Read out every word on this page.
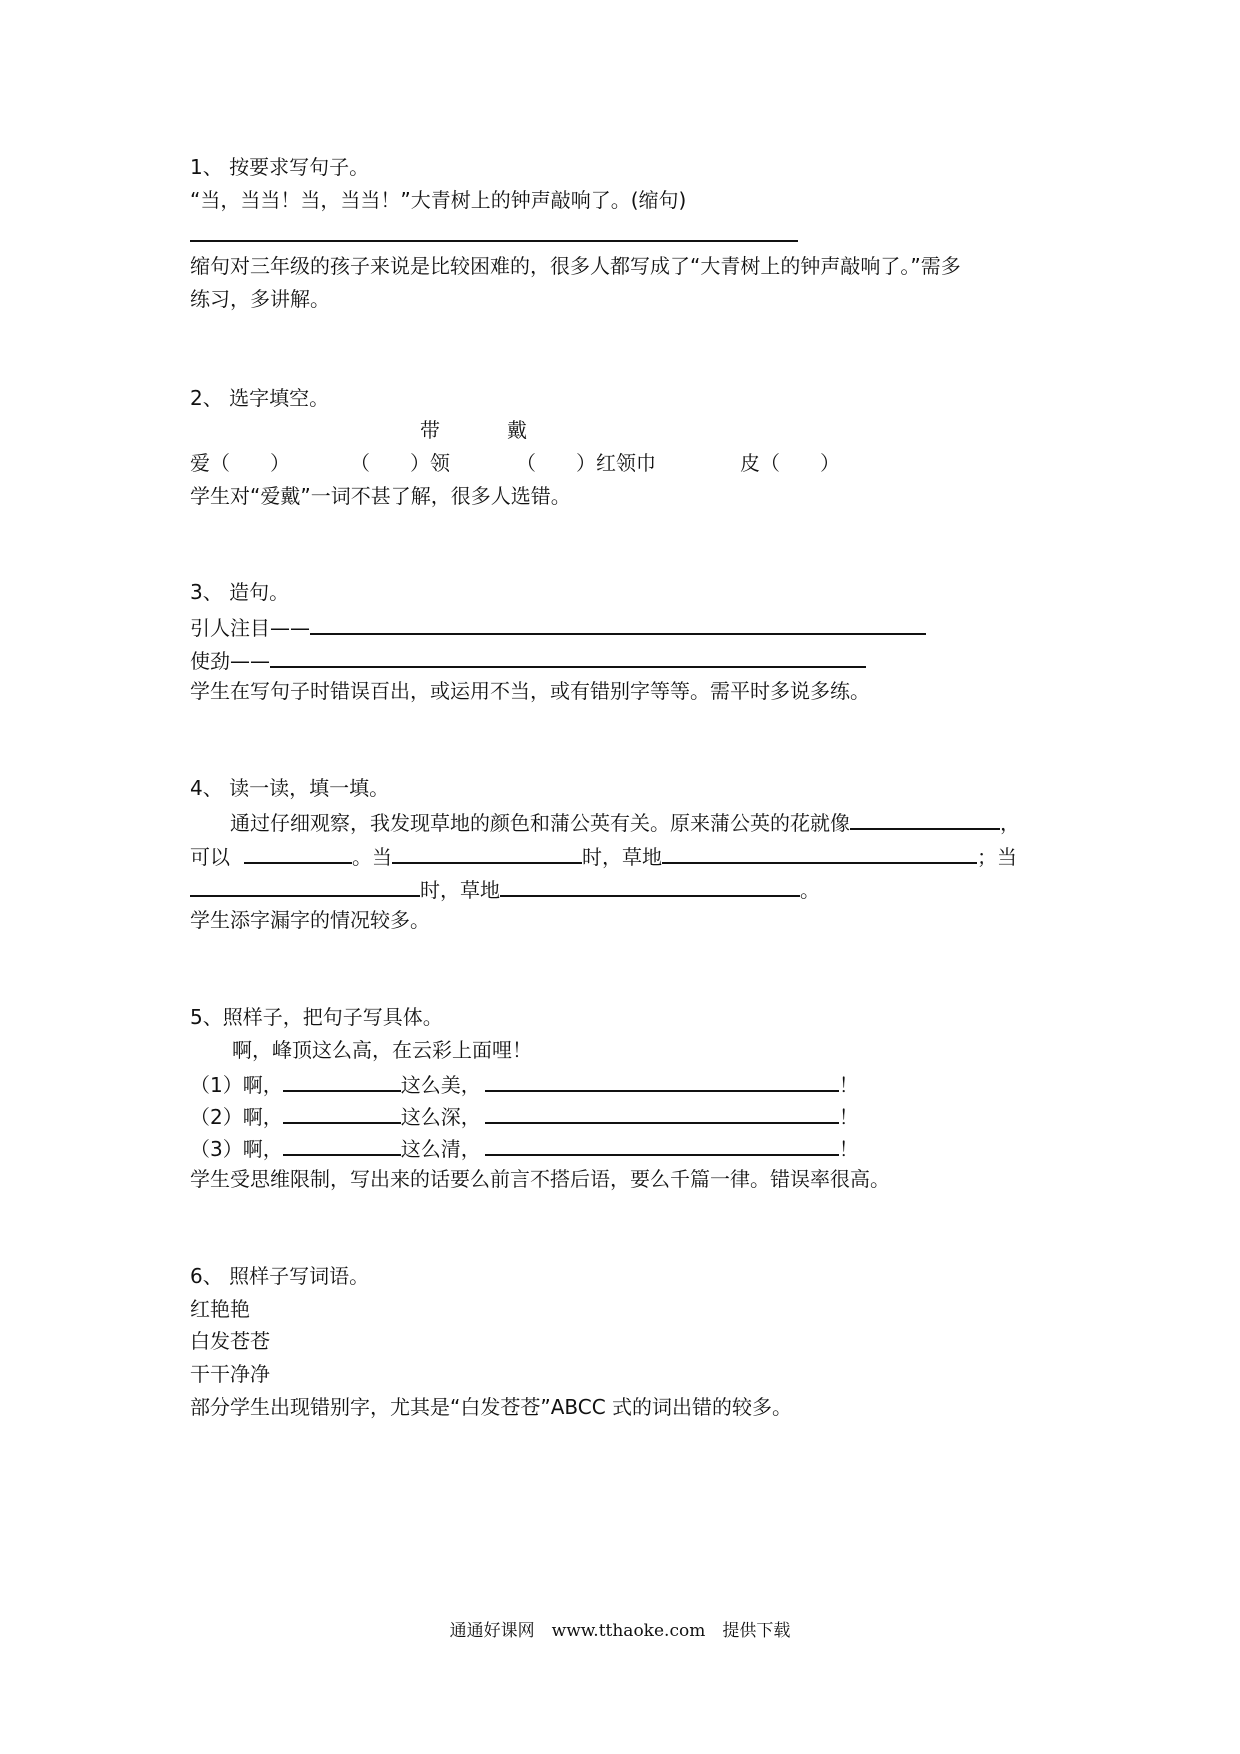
1、 按要求写句子。
“当，当当！当，当当！”大青树上的钟声敲响了。(缩句)
缩句对三年级的孩子来说是比较困难的，很多人都写成了“大青树上的钟声敲响了。”需多
练习，多讲解。
2、 选字填空。
带	戴
爱（　　）	（　　）领	（　　）红领巾	皮（　　）
学生对“爱戴”一词不甚了解，很多人选错。
3、 造句。
引人注目——
使劲——
学生在写句子时错误百出，或运用不当，或有错别字等等。需平时多说多练。
4、 读一读，填一填。
通过仔细观察，我发现草地的颜色和蒲公英有关。原来蒲公英的花就像	，
可以	。当	时，草地	；当
时，草地	。
学生添字漏字的情况较多。
5、照样子，把句子写具体。
啊，峰顶这么高，在云彩上面哩！
（1）啊，	这么美，	！
（2）啊，	这么深，	！
（3）啊，	这么清，	！
学生受思维限制，写出来的话要么前言不搭后语，要么千篇一律。错误率很高。
6、 照样子写词语。
红艳艳
白发苍苍
干干净净
部分学生出现错别字，尤其是“白发苍苍”ABCC 式的词出错的较多。
通通好课网　www.tthaoke.com　提供下载
